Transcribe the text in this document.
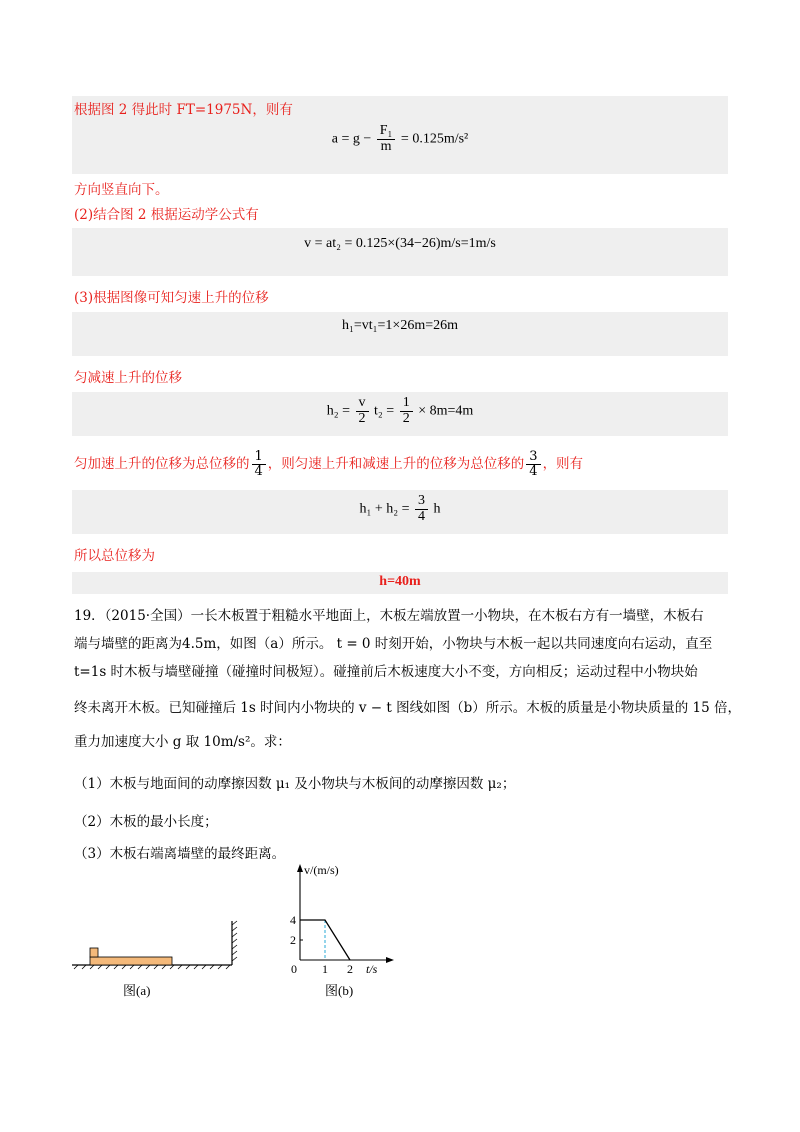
根据图 2 得此时 FT=1975N，则有
$a = g - \frac{\text{F₁}}{m} = 0.125m/s^2$
方向竖直向下。
(2)结合图 2 根据运动学公式有
v = at₂ = 0.125×(34−26)m/s=1m/s
(3)根据图像可知匀速上升的位移
h₁=vt₁=1×26m=26m
匀减速上升的位移
$h_2 = \frac{v}{2} t_2 = \frac{1}{2} \times 8m=4m$
匀加速上升的位移为总位移的 $\frac{1}{4}$ ，则匀速上升和减速上升的位移为总位移的 $\frac{3}{4}$ ，则有
$h_1 + h_2 = \frac{3}{4}$ h
所以总位移为
h=40m
19．（2015·全国）一长木板置于粗糙水平地面上，木板左端放置一小物块，在木板右方有一墙壁，木板右
端与墙壁的距离为4.5m，如图（a）所示。 t = 0 时刻开始，小物块与木板一起以共同速度向右运动，直至
t=1s 时木板与墙壁碰撞（碰撞时间极短）。碰撞前后木板速度大小不变，方向相反；运动过程中小物块始
终未离开木板。已知碰撞后 1s 时间内小物块的 v − t 图线如图（b）所示。木板的质量是小物块质量的 15 倍，
重力加速度大小 g 取 10m/s²。求：
（1）木板与地面间的动摩擦因数 μ₁ 及小物块与木板间的动摩擦因数 μ₂；
（2）木板的最小长度；
（3）木板右端离墙壁的最终距离。
图(a)
v/(m/s)
t/s
0
2
4
1 2
图(b)
